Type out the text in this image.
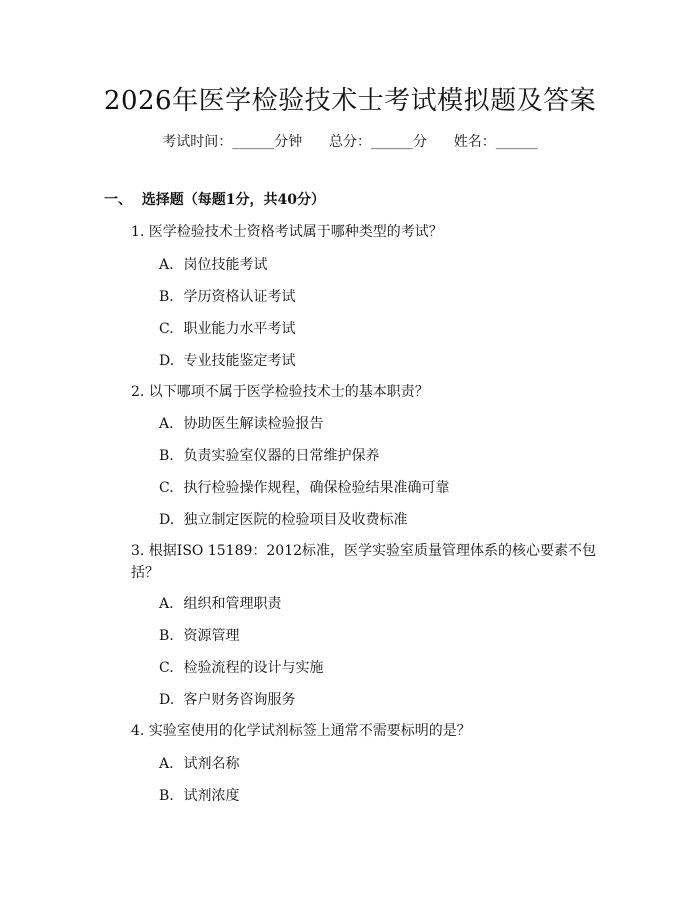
2026年医学检验技术士考试模拟题及答案
考试时间：______分钟 总分：______分 姓名：______
一、  选择题（每题1分，共40分）
1. 医学检验技术士资格考试属于哪种类型的考试？
A. 岗位技能考试
B. 学历资格认证考试
C. 职业能力水平考试
D. 专业技能鉴定考试
2. 以下哪项不属于医学检验技术士的基本职责？
A. 协助医生解读检验报告
B. 负责实验室仪器的日常维护保养
C. 执行检验操作规程，确保检验结果准确可靠
D. 独立制定医院的检验项目及收费标准
3. 根据ISO 15189：2012标准，医学实验室质量管理体系的核心要素不包括？
A. 组织和管理职责
B. 资源管理
C. 检验流程的设计与实施
D. 客户财务咨询服务
4. 实验室使用的化学试剂标签上通常不需要标明的是？
A. 试剂名称
B. 试剂浓度
